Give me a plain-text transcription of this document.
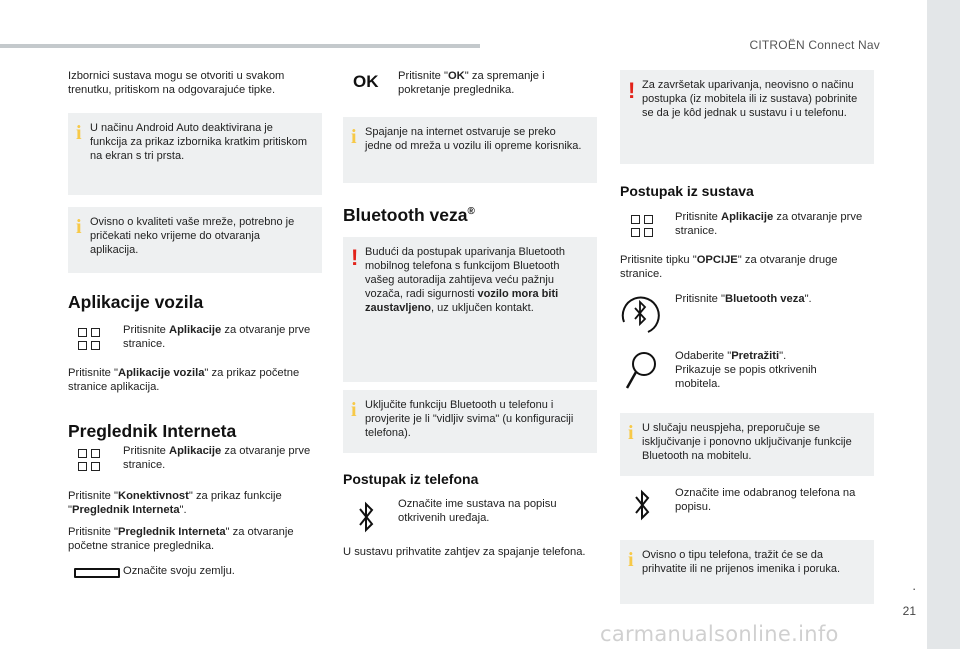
CITROËN Connect Nav
.
21
carmanualsonline.info
Izbornici sustava mogu se otvoriti u svakom trenutku, pritiskom na odgovarajuće tipke.
i U načinu Android Auto deaktivirana je funkcija za prikaz izbornika kratkim pritiskom na ekran s tri prsta.
i Ovisno o kvaliteti vaše mreže, potrebno je pričekati neko vrijeme do otvaranja aplikacija.
Aplikacije vozila
Pritisnite Aplikacije za otvaranje prve stranice.
Pritisnite "Aplikacije vozila" za prikaz početne stranice aplikacija.
Preglednik Interneta
Pritisnite Aplikacije za otvaranje prve stranice.
Pritisnite "Konektivnost" za prikaz funkcije "Preglednik Interneta".
Pritisnite "Preglednik Interneta" za otvaranje početne stranice preglednika.
Označite svoju zemlju.
OK Pritisnite "OK" za spremanje i pokretanje preglednika.
i Spajanje na internet ostvaruje se preko jedne od mreža u vozilu ili opreme korisnika.
Bluetooth veza®
! Budući da postupak uparivanja Bluetooth mobilnog telefona s funkcijom Bluetooth vašeg autoradija zahtijeva veću pažnju vozača, radi sigurnosti vozilo mora biti zaustavljeno, uz uključen kontakt.
i Uključite funkciju Bluetooth u telefonu i provjerite je li "vidljiv svima" (u konfiguraciji telefona).
Postupak iz telefona
Označite ime sustava na popisu otkrivenih uređaja.
U sustavu prihvatite zahtjev za spajanje telefona.
! Za završetak uparivanja, neovisno o načinu postupka (iz mobitela ili iz sustava) pobrinite se da je kôd jednak u sustavu i u telefonu.
Postupak iz sustava
Pritisnite Aplikacije za otvaranje prve stranice.
Pritisnite tipku "OPCIJE" za otvaranje druge stranice.
Pritisnite "Bluetooth veza".
Odaberite "Pretražiti".
Prikazuje se popis otkrivenih mobitela.
i U slučaju neuspjeha, preporučuje se isključivanje i ponovno uključivanje funkcije Bluetooth na mobitelu.
Označite ime odabranog telefona na popisu.
i Ovisno o tipu telefona, tražit će se da prihvatite ili ne prijenos imenika i poruka.
